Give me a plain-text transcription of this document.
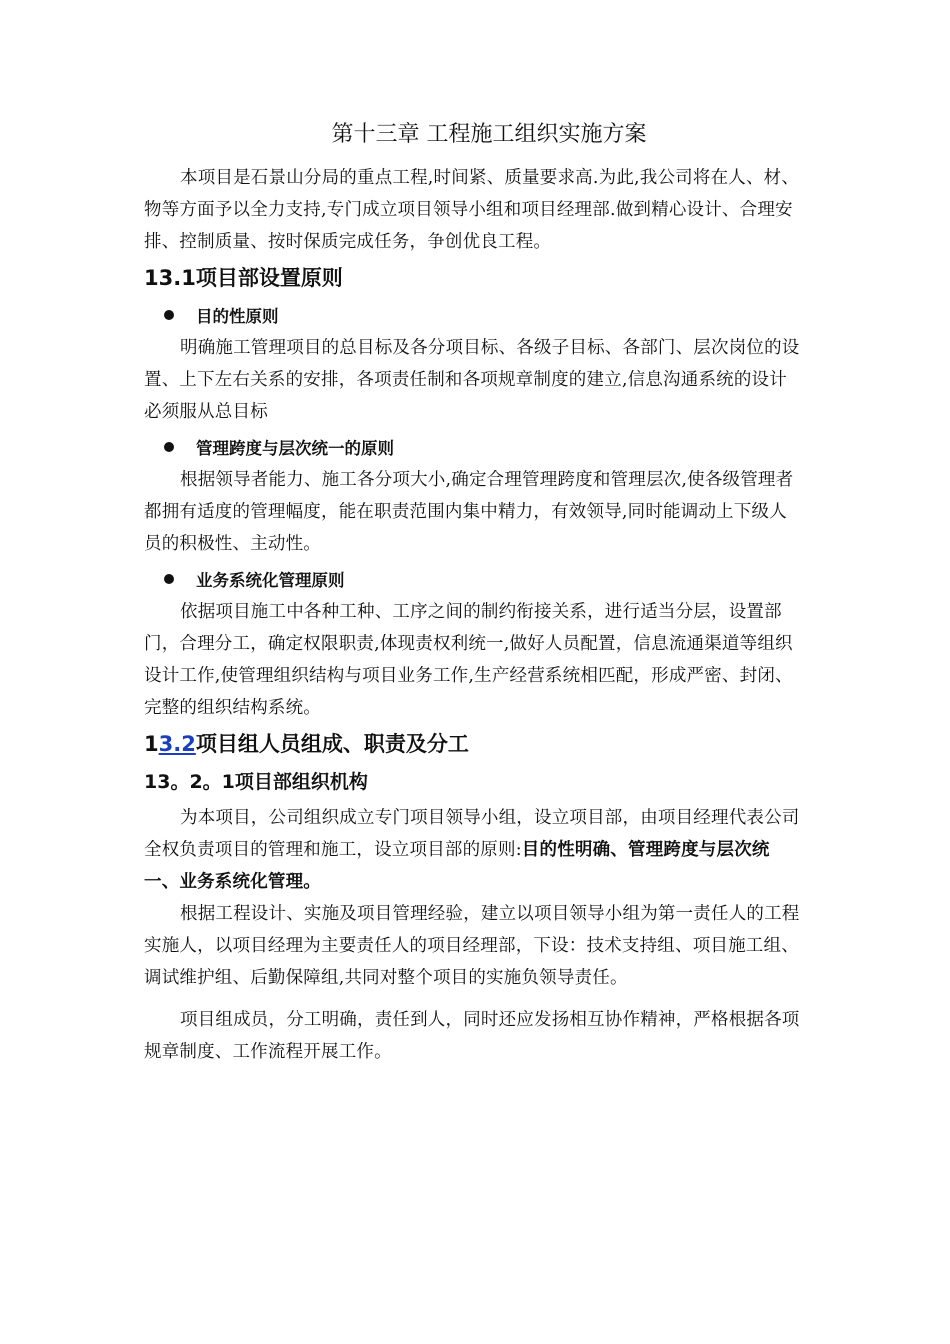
第十三章 工程施工组织实施方案

本项目是石景山分局的重点工程,时间紧、质量要求高.为此,我公司将在人、材、物等方面予以全力支持,专门成立项目领导小组和项目经理部.做到精心设计、合理安排、控制质量、按时保质完成任务，争创优良工程。

13.1项目部设置原则
目的性原则

明确施工管理项目的总目标及各分项目标、各级子目标、各部门、层次岗位的设置、上下左右关系的安排，各项责任制和各项规章制度的建立,信息沟通系统的设计必须服从总目标

管理跨度与层次统一的原则

根据领导者能力、施工各分项大小,确定合理管理跨度和管理层次,使各级管理者都拥有适度的管理幅度，能在职责范围内集中精力，有效领导,同时能调动上下级人员的积极性、主动性。

业务系统化管理原则

依据项目施工中各种工种、工序之间的制约衔接关系，进行适当分层，设置部门，合理分工，确定权限职责,体现责权利统一,做好人员配置，信息流通渠道等组织设计工作,使管理组织结构与项目业务工作,生产经营系统相匹配，形成严密、封闭、完整的组织结构系统。

13.2项目组人员组成、职责及分工
13。2。1项目部组织机构

为本项目，公司组织成立专门项目领导小组，设立项目部，由项目经理代表公司全权负责项目的管理和施工，设立项目部的原则:目的性明确、管理跨度与层次统一、业务系统化管理。

根据工程设计、实施及项目管理经验，建立以项目领导小组为第一责任人的工程实施人，以项目经理为主要责任人的项目经理部，下设：技术支持组、项目施工组、调试维护组、后勤保障组,共同对整个项目的实施负领导责任。

项目组成员，分工明确，责任到人，同时还应发扬相互协作精神，严格根据各项规章制度、工作流程开展工作。
